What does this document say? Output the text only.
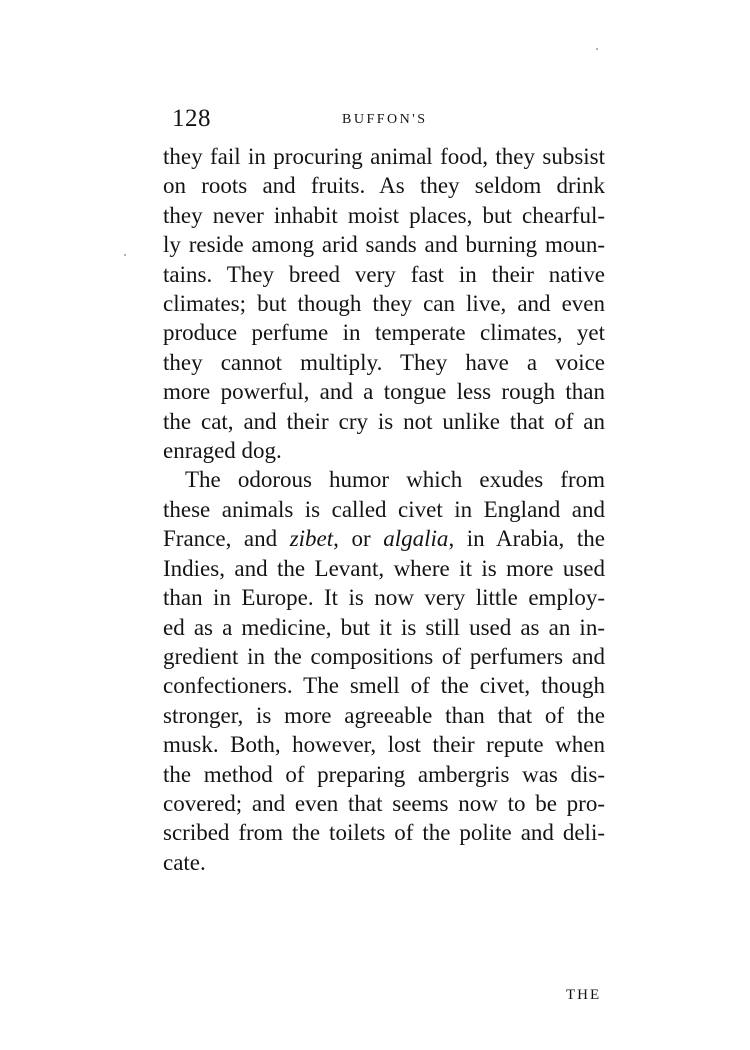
128	BUFFON'S
they fail in procuring animal food, they subsist
on roots and fruits. As they seldom drink
they never inhabit moist places, but chearful-
ly reside among arid sands and burning moun-
tains. They breed very fast in their native
climates; but though they can live, and even
produce perfume in temperate climates, yet
they cannot multiply. They have a voice
more powerful, and a tongue less rough than
the cat, and their cry is not unlike that of an
enraged dog.
The odorous humor which exudes from
these animals is called civet in England and
France, and zibet, or algalia, in Arabia, the
Indies, and the Levant, where it is more used
than in Europe. It is now very little employ-
ed as a medicine, but it is still used as an in-
gredient in the compositions of perfumers and
confectioners. The smell of the civet, though
stronger, is more agreeable than that of the
musk. Both, however, lost their repute when
the method of preparing ambergris was dis-
covered; and even that seems now to be pro-
scribed from the toilets of the polite and deli-
cate.
THE
